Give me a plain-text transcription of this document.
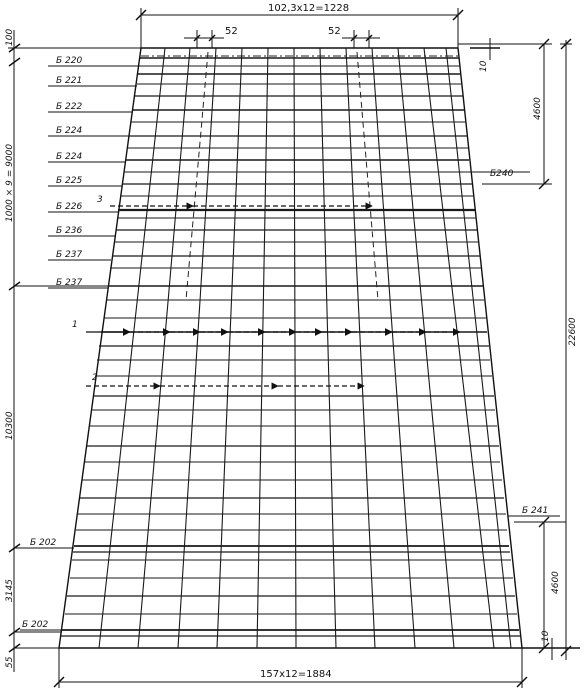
102,3x12=1228
52	52
100
1000 × 9 = 9000
10300
3145
55
Б 220
Б 221
Б 222
Б 224
Б 224
Б 225
Б 226
Б 236
Б 237
Б 237
Б 202
Б 202
1
2
3
4600
22600
4600
10
10
Б240
Б 241
157x12=1884
